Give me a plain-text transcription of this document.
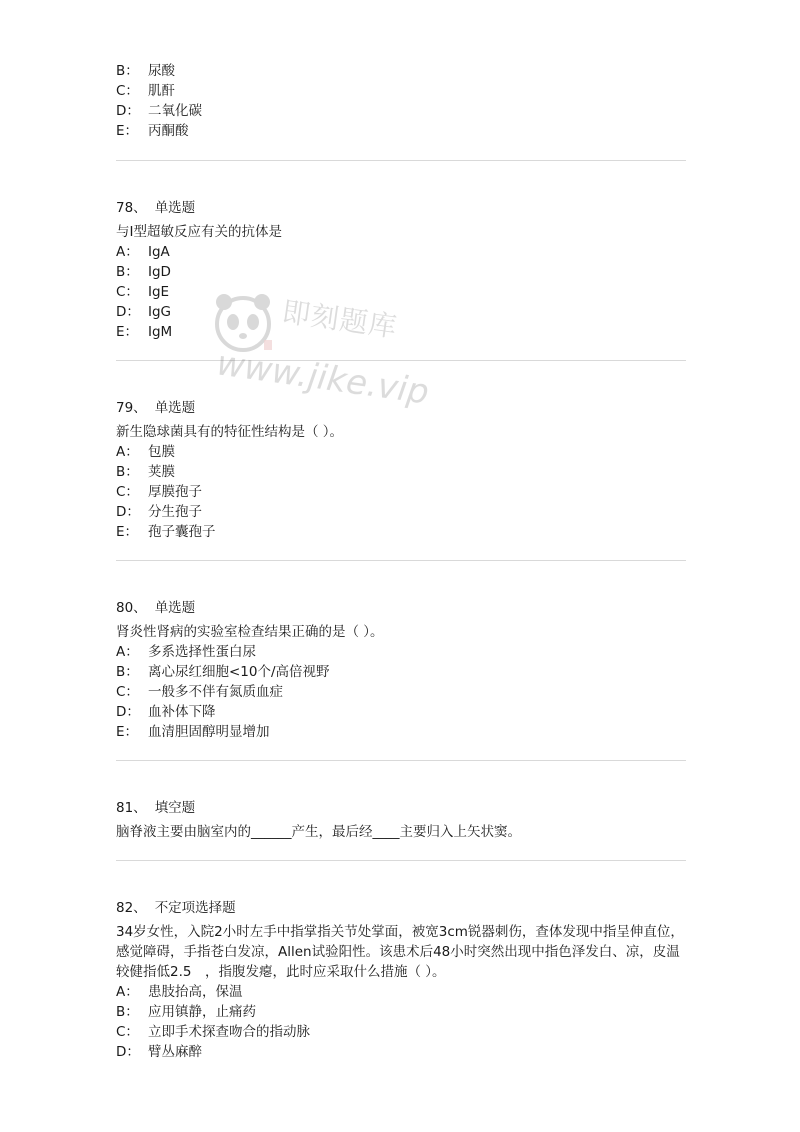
B： 尿酸
C： 肌酐
D： 二氧化碳
E： 丙酮酸
78、 单选题
与I型超敏反应有关的抗体是
A： IgA
B： IgD
C： IgE
D： IgG
E： IgM
79、 单选题
新生隐球菌具有的特征性结构是（ ）。
A： 包膜
B： 荚膜
C： 厚膜孢子
D： 分生孢子
E： 孢子囊孢子
80、 单选题
肾炎性肾病的实验室检查结果正确的是（ ）。
A： 多系选择性蛋白尿
B： 离心尿红细胞<10个/高倍视野
C： 一般多不伴有氮质血症
D： 血补体下降
E： 血清胆固醇明显增加
81、 填空题
脑脊液主要由脑室内的______产生，最后经____主要归入上矢状窦。
82、 不定项选择题
34岁女性，入院2小时左手中指掌指关节处掌面，被宽3cm锐器刺伤，查体发现中指呈伸直位，感觉障碍，手指苍白发凉，Allen试验阳性。该患术后48小时突然出现中指色泽发白、凉，皮温较健指低2.5　，指腹发瘪，此时应采取什么措施（ ）。
A： 患肢抬高，保温
B： 应用镇静，止痛药
C： 立即手术探查吻合的指动脉
D： 臂丛麻醉
即刻题库
www.jike.vip
